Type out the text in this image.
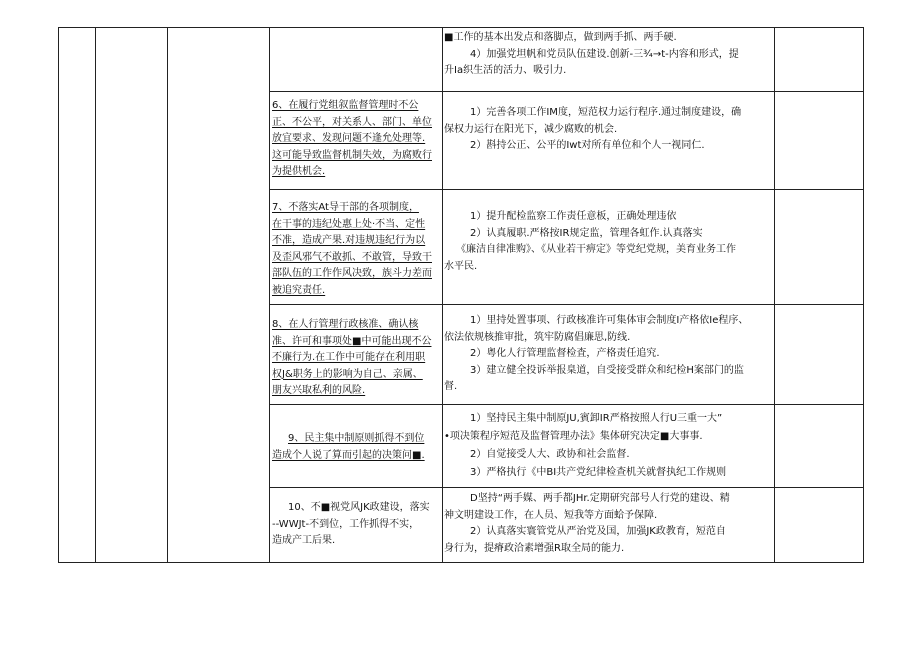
■工作的基本出发点和落脚点，做到两手抓、两手硬.
4）加强党坦帆和党员队伍建设.创新-三¾→t-内容和形式，提
升Ia织生活的活力、吸引力.
6、在履行党组叙监督管理时不公
正、不公平，对关系人、部门、单位
放宜要求、发现问题不逢允处理等.
这可能导致监督机制失效，为腐败行
为提供机会.
1）完善各项工作IM度，短范权力运行程序.通过制度建设，确
保权力运行在阳光下，减少腐败的机会.
2）斟持公正、公平的Iwt对所有单位和个人一视同仁.
7、不落实At导干部的各项制度，
在干事的违纪处惠上处·不当、定性
不准，造成产果.对违规违纪行为以
及歪风邪气不敢抓、不敢管，导致干
部队伍的工作作风决致，族斗力差而
被追究责任.
1）提升配检监察工作责任意板，正确处理违依
2）认真履职.严格按IR规定监，管理各虹作.认真落实
《廉洁自律准购》、《从业若干痹定》等党纪党规，美育业务工作
水平民.
8、在人行管理行政核准、确认核
准、许可和事项处■中可能出现不公
不廉行为.在工作中可能存在利用职
权J&职务上的影响为自己、亲属、
朋友兴取私利的风险.
1）里持处置事项、行政核准许可集体审会制度I产格依Ie程序、
依法依规核推审批，筑牢防腐倡廉思,防线.
2）粤化人行管理监督检査，产格责任追究.
3）建立健全投诉举报臬道，自受接受群众和纪检H案部门的监
督.
9、民主集中制原则抓得不到位
造成个人说了算而引起的决策问■.
1）坚持民主集中制原JU,賓卸IR严格按照人行U三重一大”
•项决策程序短范及监督管理办法》集体研究决定■大事事.
2）自觉接受人大、政协和社会监督.
3）严格执行《中BI共产党纪律检查机关就督执纪工作规则
10、不■视党风JK政建设，落实
--WWJt-不到位，工作抓得不实，
造成产工后果.
D坚持“两手媒、两手都JHr.定期研究部号人行党的建设、精
神文明建设工作，在人员、短我等方面蛤予保障.
2）认真落实寰管党从严治党及国，加强JK政教育，短范自
身行为，提瘠政洽素增强R取全局的能力.
